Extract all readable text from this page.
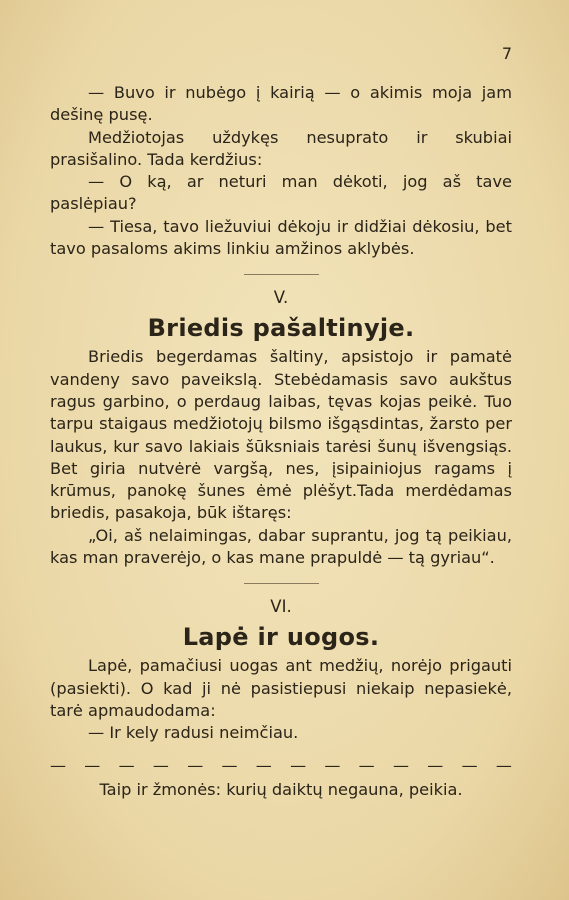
7

— Buvo ir nubėgo į kairią — o akimis moja jam dešinę pusę.

Medžiotojas uždykęs nesuprato ir skubiai prasišalino. Tada kerdžius:

— O ką, ar neturi man dėkoti, jog aš tave paslėpiau?

— Tiesa, tavo liežuviui dėkoju ir didžiai dėkosiu, bet tavo pasaloms akims linkiu amžinos aklybės.

V.

Briedis pašaltinyje.

Briedis begerdamas šaltiny, apsistojo ir pamatė vandeny savo paveikslą. Stebėdamasis savo aukštus ragus garbino, o perdaug laibas, tęvas kojas peikė. Tuo tarpu staigaus medžiotojų bilsmo išgąsdintas, žarsto per laukus, kur savo lakiais šūksniais tarėsi šunų išvengsiąs. Bet giria nutvėrė vargšą, nes, įsipainiojus ragams į krūmus, panokę šunes ėmė plėšyt.Tada merdėdamas briedis, pasakoja, būk ištaręs:

„Oi, aš nelaimingas, dabar suprantu, jog tą peikiau, kas man praverėjo, o kas mane prapuldė — tą gyriau“.

VI.

Lapė ir uogos.

Lapė, pamačiusi uogas ant medžių, norėjo prigauti (pasiekti). O kad ji nė pasistiepusi niekaip nepasiekė, tarė apmaudodama:

— Ir kely radusi neimčiau.

— — — — — — — — — — — — — —

Taip ir žmonės: kurių daiktų negauna, peikia.
